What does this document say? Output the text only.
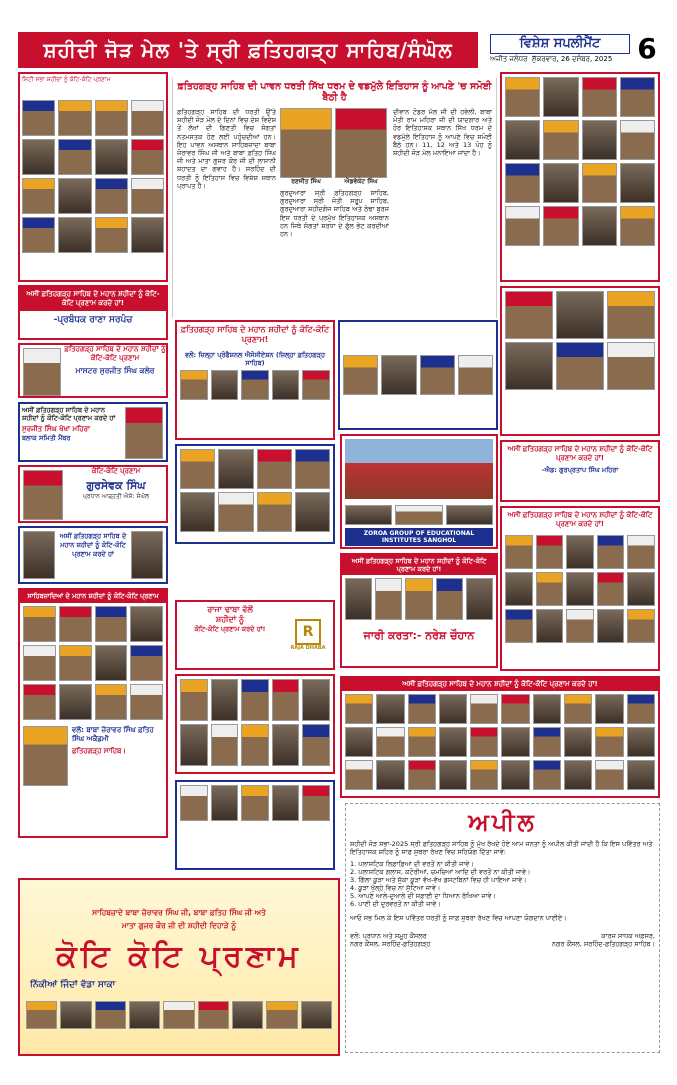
ਸ਼ਹੀਦੀ ਜੋੜ ਮੇਲ 'ਤੇ ਸ੍ਰੀ ਫ਼ਤਿਹਗੜ੍ਹ ਸਾਹਿਬ/ਸੰਘੋਲ	ਵਿਸ਼ੇਸ਼ ਸਪਲੀਮੈਂਟ	6
ਅਜੀਤ ਜਲੰਧਰ ਸ਼ੁੱਕਰਵਾਰ, 26 ਦਸੰਬਰ, 2025
ਸਿਟੀ ਸਭਾ ਸ਼ਹੀਦਾਂ ਨੂੰ ਕੋਟਿ-ਕੋਟਿ ਪ੍ਰਣਾਮ
ਫ਼ਤਿਹਗੜ੍ਹ ਸਾਹਿਬ ਦੀ ਪਾਵਨ ਧਰਤੀ ਸਿੱਖ ਧਰਮ ਦੇ ਵਡਮੁੱਲੇ ਇਤਿਹਾਸ ਨੂੰ ਆਪਣੇ 'ਚ ਸਮੋਈ ਬੈਠੀ ਹੈ
ਫ਼ਤਿਹਗੜ੍ਹ ਸਾਹਿਬ ਦੀ ਧਰਤੀ ਉੱਤੇ ਸ਼ਹੀਦੀ ਜੋੜ ਮੇਲ ਦੇ ਦਿਨਾਂ ਵਿਚ ਦੇਸ਼ ਵਿਦੇਸ਼ ਤੋਂ ਲੱਖਾਂ ਦੀ ਗਿਣਤੀ ਵਿਚ ਸੰਗਤਾਂ ਨਤਮਸਤਕ ਹੋਣ ਲਈ ਪਹੁੰਚਦੀਆਂ ਹਨ। ਇਹ ਪਾਵਨ ਅਸਥਾਨ ਸਾਹਿਬਜ਼ਾਦਾ ਬਾਬਾ ਜ਼ੋਰਾਵਰ ਸਿੰਘ ਜੀ ਅਤੇ ਬਾਬਾ ਫ਼ਤਿਹ ਸਿੰਘ ਜੀ ਅਤੇ ਮਾਤਾ ਗੁਜਰ ਕੌਰ ਜੀ ਦੀ ਲਾਸਾਨੀ ਸ਼ਹਾਦਤ ਦਾ ਗਵਾਹ ਹੈ। ਸਰਹਿੰਦ ਦੀ ਧਰਤੀ ਨੂੰ ਇਤਿਹਾਸ ਵਿਚ ਵਿਸ਼ੇਸ਼ ਸਥਾਨ ਪ੍ਰਾਪਤ ਹੈ।
ਰਣਜੀਤ ਸਿੰਘ	ਐਡਵੋਕੇਟ ਸਿੰਘ
ਗੁਰਦੁਆਰਾ ਸ੍ਰੀ ਫ਼ਤਿਹਗੜ੍ਹ ਸਾਹਿਬ, ਗੁਰਦੁਆਰਾ ਸ੍ਰੀ ਜੋਤੀ ਸਰੂਪ ਸਾਹਿਬ, ਗੁਰਦੁਆਰਾ ਸ਼ਹੀਦਗੰਜ ਸਾਹਿਬ ਅਤੇ ਠੰਢਾ ਬੁਰਜ ਇਸ ਧਰਤੀ ਦੇ ਪ੍ਰਮੁੱਖ ਇਤਿਹਾਸਕ ਅਸਥਾਨ ਹਨ ਜਿਥੇ ਸੰਗਤਾਂ ਸ਼ਰਧਾ ਦੇ ਫੁੱਲ ਭੇਟ ਕਰਦੀਆਂ ਹਨ।
ਦੀਵਾਨ ਟੋਡਰ ਮੱਲ ਜੀ ਦੀ ਹਵੇਲੀ, ਬਾਬਾ ਮੋਤੀ ਰਾਮ ਮਹਿਰਾ ਜੀ ਦੀ ਯਾਦਗਾਰ ਅਤੇ ਹੋਰ ਇਤਿਹਾਸਕ ਸਥਾਨ ਸਿੱਖ ਧਰਮ ਦੇ ਵਡਮੁੱਲੇ ਇਤਿਹਾਸ ਨੂੰ ਆਪਣੇ ਵਿਚ ਸਮੋਈ ਬੈਠੇ ਹਨ। 11, 12 ਅਤੇ 13 ਪੋਹ ਨੂੰ ਸ਼ਹੀਦੀ ਜੋੜ ਮੇਲ ਮਨਾਇਆ ਜਾਂਦਾ ਹੈ।
ਅਸੀਂ ਫ਼ਤਿਹਗੜ੍ਹ ਸਾਹਿਬ ਦੇ ਮਹਾਨ ਸ਼ਹੀਦਾਂ ਨੂੰ ਕੋਟਿ-ਕੋਟਿ ਪ੍ਰਣਾਮ ਕਰਦੇ ਹਾਂ!
-ਪ੍ਰਬੰਧਕ ਰਾਣਾ ਸਰਪੰਚ
ਫ਼ਤਿਹਗੜ੍ਹ ਸਾਹਿਬ ਦੇ ਮਹਾਨ ਸ਼ਹੀਦਾਂ ਨੂੰ ਕੋਟਿ-ਕੋਟਿ ਪ੍ਰਣਾਮ
ਮਾਸਟਰ ਸੁਰਜੀਤ ਸਿੰਘ ਕਲੇਰ
ਅਸੀਂ ਫ਼ਤਿਹਗੜ੍ਹ ਸਾਹਿਬ ਦੇ ਮਹਾਨ ਸ਼ਹੀਦਾਂ ਨੂੰ ਕੋਟਿ-ਕੋਟਿ ਪ੍ਰਣਾਮ ਕਰਦੇ ਹਾਂ
ਸੁਰਜੀਤ ਸਿੰਘ ਖੋਖਾ ਮਹਿਰਾ
ਬਲਾਕ ਸਮਿਤੀ ਮੈਂਬਰ
ਕੋਟਿ-ਕੋਟਿ ਪ੍ਰਣਾਮ
ਗੁਰਸੇਵਕ ਸਿੰਘ
ਪ੍ਰਧਾਨ ਆੜ੍ਹਤੀ ਐਸੋ: ਸੰਘੋਲ
ਅਸੀਂ ਫ਼ਤਿਹਗੜ੍ਹ ਸਾਹਿਬ ਦੇ ਮਹਾਨ ਸ਼ਹੀਦਾਂ ਨੂੰ ਕੋਟਿ-ਕੋਟਿ ਪ੍ਰਣਾਮ ਕਰਦੇ ਹਾਂ
ਸਾਹਿਬਜ਼ਾਦਿਆਂ ਦੇ ਮਹਾਨ ਸ਼ਹੀਦਾਂ ਨੂੰ ਕੋਟਿ-ਕੋਟਿ ਪ੍ਰਣਾਮ
ਵਲੋਂ: ਬਾਬਾ ਜ਼ੋਰਾਵਰ ਸਿੰਘ ਫ਼ਤਿਹ ਸਿੰਘ ਅਕੈਡਮੀ
ਫ਼ਤਿਹਗੜ੍ਹ ਸਾਹਿਬ।
ਫ਼ਤਿਹਗੜ੍ਹ ਸਾਹਿਬ ਦੇ ਮਹਾਨ ਸ਼ਹੀਦਾਂ ਨੂੰ ਕੋਟਿ-ਕੋਟਿ ਪ੍ਰਣਾਮ!
ਵਲੋਂ: ਜ਼ਿਲ੍ਹਾ ਪ੍ਰੋਫੈਸ਼ਨਲ ਐਸੋਸੀਏਸ਼ਨ (ਜ਼ਿਲ੍ਹਾ ਫ਼ਤਿਹਗੜ੍ਹ ਸਾਹਿਬ)
ZOROA GROUP OF EDUCATIONAL INSTITUTES SANGHOL
ਰਾਜਾ ਢਾਬਾ ਵੱਲੋਂ
ਸ਼ਹੀਦਾਂ ਨੂੰ
ਕੋਟਿ-ਕੋਟਿ ਪ੍ਰਣਾਮ ਕਰਦੇ ਹਾਂ!	R
RAJA DHABA
ਅਸੀਂ ਫ਼ਤਿਹਗੜ੍ਹ ਸਾਹਿਬ ਦੇ ਮਹਾਨ ਸ਼ਹੀਦਾਂ ਨੂੰ ਕੋਟਿ-ਕੋਟਿ ਪ੍ਰਣਾਮ ਕਰਦੇ ਹਾਂ!
ਜਾਰੀ ਕਰਤਾ:- ਨਰੇਸ਼ ਚੌਹਾਨ
ਅਸੀਂ ਫ਼ਤਿਹਗੜ੍ਹ ਸਾਹਿਬ ਦੇ ਮਹਾਨ ਸ਼ਹੀਦਾਂ ਨੂੰ ਕੋਟਿ-ਕੋਟਿ ਪ੍ਰਣਾਮ ਕਰਦੇ ਹਾਂ!
-ਐਡ: ਗੁਰਪ੍ਰਤਾਪ ਸਿੰਘ ਮਹਿਰਾ
ਅਸੀਂ ਫ਼ਤਿਹਗੜ੍ਹ ਸਾਹਿਬ ਦੇ ਮਹਾਨ ਸ਼ਹੀਦਾਂ ਨੂੰ ਕੋਟਿ-ਕੋਟਿ ਪ੍ਰਣਾਮ ਕਰਦੇ ਹਾਂ!
ਅਸੀਂ ਫ਼ਤਿਹਗੜ੍ਹ ਸਾਹਿਬ ਦੇ ਮਹਾਨ ਸ਼ਹੀਦਾਂ ਨੂੰ ਕੋਟਿ-ਕੋਟਿ ਪ੍ਰਣਾਮ ਕਰਦੇ ਹਾਂ!
ਅਪੀਲ
ਸ਼ਹੀਦੀ ਜੋੜ ਸਭਾ-2025 ਸ੍ਰੀ ਫ਼ਤਿਹਗੜ੍ਹ ਸਾਹਿਬ ਨੂੰ ਮੁੱਖ ਰੱਖਦੇ ਹੋਏ ਆਮ ਜਨਤਾ ਨੂੰ ਅਪੀਲ ਕੀਤੀ ਜਾਂਦੀ ਹੈ ਕਿ ਇਸ ਪਵਿੱਤਰ ਅਤੇ ਇਤਿਹਾਸਕ ਸ਼ਹਿਰ ਨੂੰ ਸਾਫ਼ ਸੁਥਰਾ ਰੱਖਣ ਵਿਚ ਸਹਿਯੋਗ ਦਿੱਤਾ ਜਾਵੇ:
1. ਪਲਾਸਟਿਕ ਲਿਫ਼ਾਫ਼ਿਆਂ ਦੀ ਵਰਤੋਂ ਨਾ ਕੀਤੀ ਜਾਵੇ।
2. ਪਲਾਸਟਿਕ ਗਲਾਸ, ਕਟੋਰੀਆਂ, ਚਮਚਿਆਂ ਆਦਿ ਦੀ ਵਰਤੋਂ ਨਾ ਕੀਤੀ ਜਾਵੇ।
3. ਗਿੱਲਾ ਕੂੜਾ ਅਤੇ ਸੁੱਕਾ ਕੂੜਾ ਵੱਖ-ਵੱਖ ਡਸਟਬਿਨਾਂ ਵਿਚ ਹੀ ਪਾਇਆ ਜਾਵੇ।
4. ਕੂੜਾ ਖੁੱਲ੍ਹੇ ਵਿਚ ਨਾ ਸੁੱਟਿਆ ਜਾਵੇ।
5. ਆਪਣੇ ਆਲੇ-ਦੁਆਲੇ ਦੀ ਸਫ਼ਾਈ ਦਾ ਧਿਆਨ ਰੱਖਿਆ ਜਾਵੇ।
6. ਪਾਣੀ ਦੀ ਦੁਰਵਰਤੋਂ ਨਾ ਕੀਤੀ ਜਾਵੇ।
ਆਓ ਸਭ ਮਿਲ ਕੇ ਇਸ ਪਵਿੱਤਰ ਧਰਤੀ ਨੂੰ ਸਾਫ਼ ਸੁਥਰਾ ਰੱਖਣ ਵਿਚ ਆਪਣਾ ਯੋਗਦਾਨ ਪਾਈਏ।
ਵਲੋਂ: ਪ੍ਰਧਾਨ ਅਤੇ ਸਮੂਹ ਕੌਂਸਲਰ
ਨਗਰ ਕੌਂਸਲ, ਸਰਹਿੰਦ-ਫ਼ਤਿਹਗੜ੍ਹ
ਕਾਰਜ ਸਾਧਕ ਅਫ਼ਸਰ,
ਨਗਰ ਕੌਂਸਲ, ਸਰਹਿੰਦ-ਫ਼ਤਿਹਗੜ੍ਹ ਸਾਹਿਬ।
ਸਾਹਿਬਜ਼ਾਦੇ ਬਾਬਾ ਜ਼ੋਰਾਵਰ ਸਿੰਘ ਜੀ, ਬਾਬਾ ਫ਼ਤਿਹ ਸਿੰਘ ਜੀ ਅਤੇ
ਮਾਤਾ ਗੁਜਰ ਕੌਰ ਜੀ ਦੀ ਸ਼ਹੀਦੀ ਦਿਹਾੜੇ ਨੂੰ
ਕੋਟਿ ਕੋਟਿ ਪ੍ਰਣਾਮ
ਨਿੱਕੀਆਂ ਜਿੰਦਾਂ ਵੱਡਾ ਸਾਕਾ
